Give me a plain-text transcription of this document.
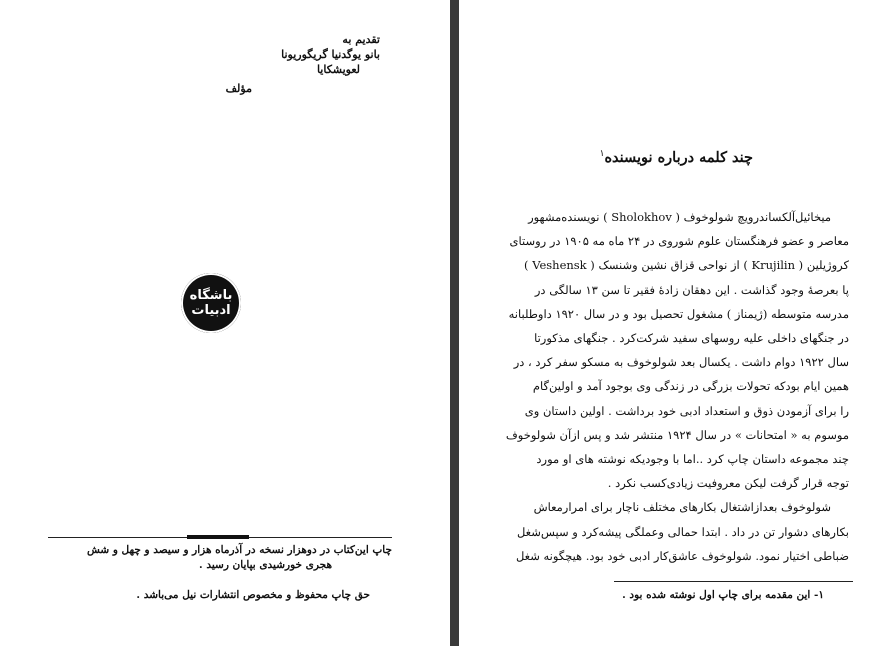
تقدیم به
بانو یوگدنیا گریگوریونا
لعویشکایا
مؤلف
باشگاه
ادبیات
چاپ این‌کتاب در دوهزار نسخه در آذرماه هزار و سیصد و چهل و شش
هجری خورشیدی بپایان رسید .
حق چاپ محفوظ و مخصوص انتشارات نیل می‌باشد .
چند کلمه درباره نویسنده$^۱$
میخائیل‌آلکساندرویچ شولوخوف ( Sholokhov ) نویسنده‌مشهور
معاصر و عضو فرهنگستان علوم شوروی در ۲۴ ماه مه ۱۹۰۵ در روستای
کروژیلین ( Krujilin ) از نواحی قزاق نشین وشنسک ( Veshensk )
پا بعرصهٔ وجود گذاشت . این دهقان زادهٔ فقیر تا سن ۱۳ سالگی در
مدرسه متوسطه (ژیمناز ) مشغول تحصیل بود و در سال ۱۹۲۰ داوطلبانه
در جنگهای داخلی علیه روسهای سفید شرکت‌کرد . جنگهای مذکورتا
سال ۱۹۲۲ دوام داشت . یکسال بعد شولوخوف به مسکو سفر کرد ، در
همین ایام بودکه تحولات بزرگی در زندگی وی بوجود آمد و اولین‌گام
را برای آزمودن ذوق و استعداد ادبی خود برداشت . اولین داستان وی
موسوم به « امتحانات » در سال ۱۹۲۴ منتشر شد و پس ازآن شولوخوف
چند مجموعه داستان چاپ کرد ..اما با وجودیکه نوشته های او مورد
توجه قرار گرفت لیکن معروفیت زیادی‌کسب نکرد .
شولوخوف بعدازاشتغال بکارهای مختلف ناچار برای امرارمعاش
بکارهای دشوار تن در داد . ابتدا حمالی وعملگی پیشه‌کرد و سپس‌شغل
ضباطی اختیار نمود. شولوخوف عاشق‌کار ادبی خود بود. هیچگونه شغل
۱- این مقدمه برای چاپ اول نوشته شده بود .
